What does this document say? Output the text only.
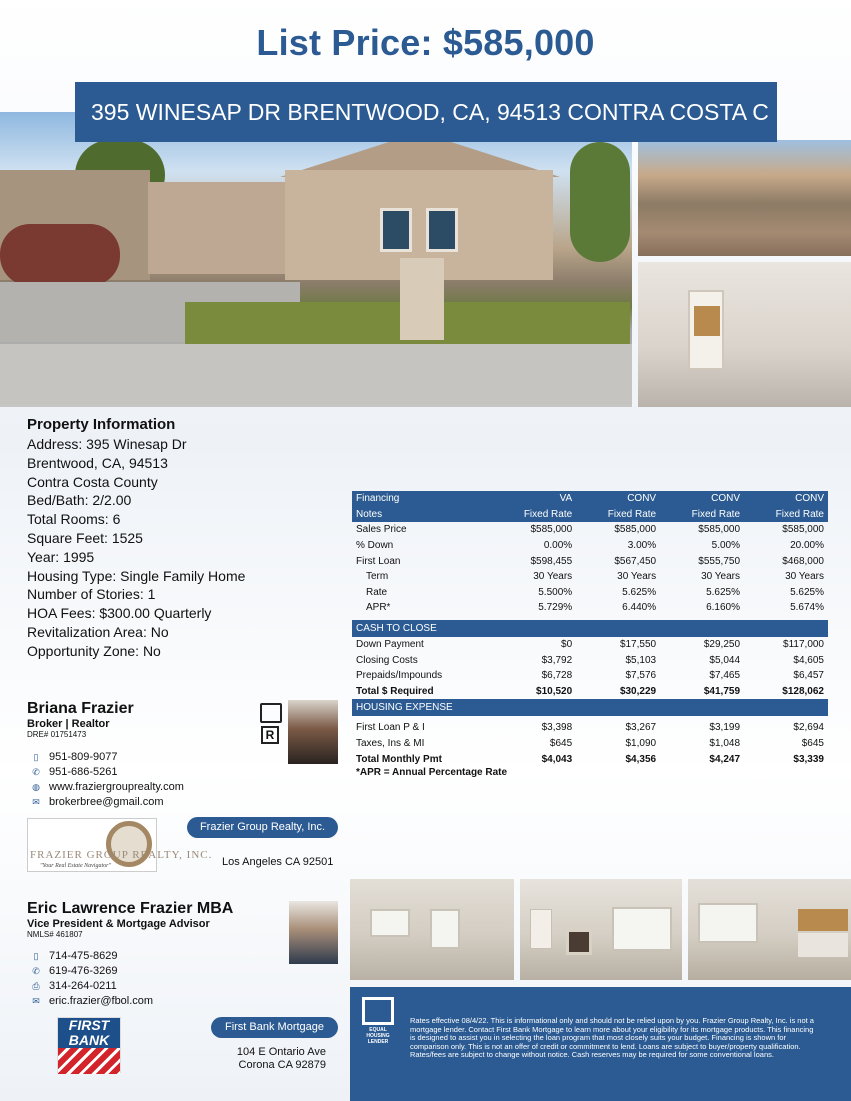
List Price: $585,000
395 WINESAP DR BRENTWOOD, CA, 94513 CONTRA COSTA C
Property Information
Address: 395 Winesap Dr
Brentwood, CA, 94513
Contra Costa County
Bed/Bath: 2/2.00
Total Rooms: 6
Square Feet: 1525
Year: 1995
Housing Type: Single Family Home
Number of Stories: 1
HOA Fees: $300.00 Quarterly
Revitalization Area: No
Opportunity Zone: No
Financing	VA	CONV	CONV	CONV
Notes	Fixed Rate	Fixed Rate	Fixed Rate	Fixed Rate
Sales Price	$585,000	$585,000	$585,000	$585,000
% Down	0.00%	3.00%	5.00%	20.00%
First Loan	$598,455	$567,450	$555,750	$468,000
Term	30 Years	30 Years	30 Years	30 Years
Rate	5.500%	5.625%	5.625%	5.625%
APR*	5.729%	6.440%	6.160%	5.674%

CASH TO CLOSE				
Down Payment	$0	$17,550	$29,250	$117,000
Closing Costs	$3,792	$5,103	$5,044	$4,605
Prepaids/Impounds	$6,728	$7,576	$7,465	$6,457
Total $ Required	$10,520	$30,229	$41,759	$128,062
HOUSING EXPENSE				

First Loan P & I	$3,398	$3,267	$3,199	$2,694
Taxes, Ins & MI	$645	$1,090	$1,048	$645
Total Monthly Pmt	$4,043	$4,356	$4,247	$3,339
*APR = Annual Percentage Rate
Briana Frazier
Broker | Realtor
DRE# 01751473	R
▯ 951-809-9077
✆ 951-686-5261
◍ www.fraziergrouprealty.com
✉ brokerbree@gmail.com
FRAZIER GROUP REALTY, INC.
"Your Real Estate Navigator"
Frazier Group Realty, Inc.
Los Angeles CA 92501
Eric Lawrence Frazier MBA
Vice President & Mortgage Advisor
NMLS# 461807
▯ 714-475-8629
✆ 619-476-3269
⎙ 314-264-0211
✉ eric.frazier@fbol.com
FIRST
BANK
First Bank Mortgage
104 E Ontario Ave
Corona CA 92879
EQUAL HOUSING LENDER
Rates effective 08/4/22. This is informational only and should not be relied upon by you. Frazier Group Realty, Inc. is not a mortgage lender. Contact First Bank Mortgage to learn more about your eligibility for its mortgage products. This financing is designed to assist you in selecting the loan program that most closely suits your budget. Financing is shown for comparison only. This is not an offer of credit or commitment to lend. Loans are subject to buyer/property qualification. Rates/fees are subject to change without notice. Cash reserves may be required for some conventional loans.
